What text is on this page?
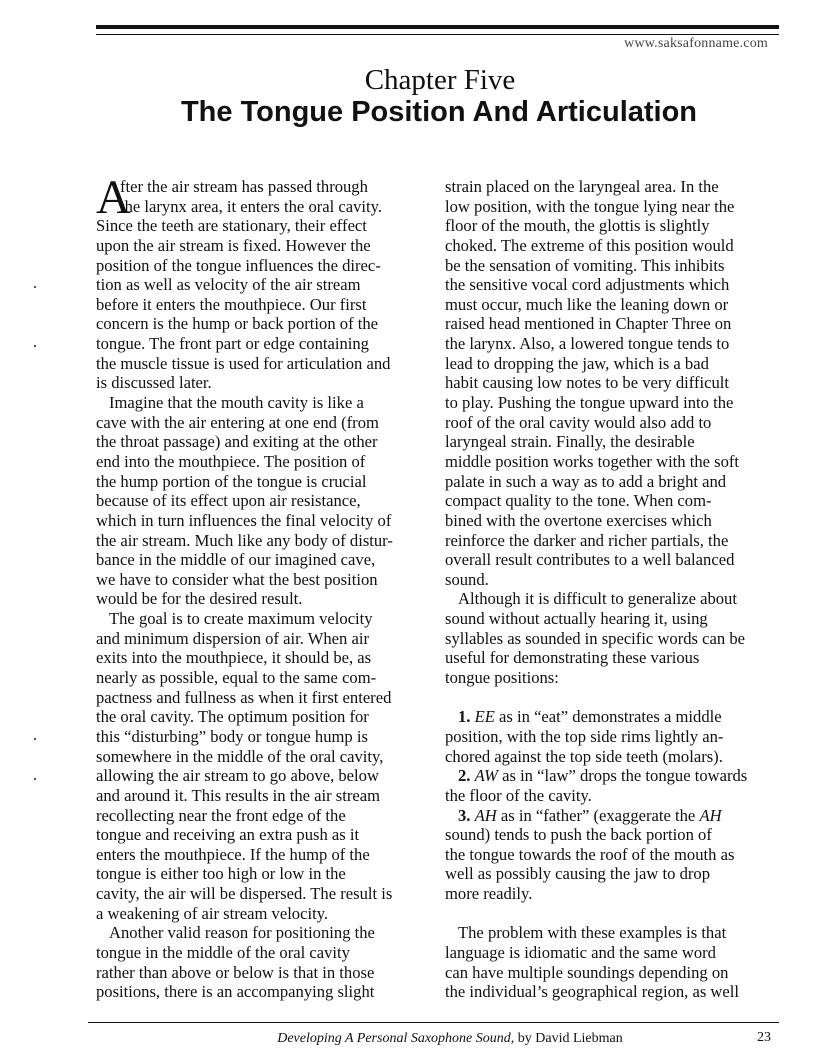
www.saksafonname.com
Chapter Five
The Tongue Position And Articulation
A
fter the air stream has passed through
the larynx area, it enters the oral cavity.
Since the teeth are stationary, their effect
upon the air stream is fixed. However the
position of the tongue influences the direc-
tion as well as velocity of the air stream
before it enters the mouthpiece. Our first
concern is the hump or back portion of the
tongue. The front part or edge containing
the muscle tissue is used for articulation and
is discussed later.
Imagine that the mouth cavity is like a
cave with the air entering at one end (from
the throat passage) and exiting at the other
end into the mouthpiece. The position of
the hump portion of the tongue is crucial
because of its effect upon air resistance,
which in turn influences the final velocity of
the air stream. Much like any body of distur-
bance in the middle of our imagined cave,
we have to consider what the best position
would be for the desired result.
The goal is to create maximum velocity
and minimum dispersion of air. When air
exits into the mouthpiece, it should be, as
nearly as possible, equal to the same com-
pactness and fullness as when it first entered
the oral cavity. The optimum position for
this “disturbing” body or tongue hump is
somewhere in the middle of the oral cavity,
allowing the air stream to go above, below
and around it. This results in the air stream
recollecting near the front edge of the
tongue and receiving an extra push as it
enters the mouthpiece. If the hump of the
tongue is either too high or low in the
cavity, the air will be dispersed. The result is
a weakening of air stream velocity.
Another valid reason for positioning the
tongue in the middle of the oral cavity
rather than above or below is that in those
positions, there is an accompanying slight
strain placed on the laryngeal area. In the
low position, with the tongue lying near the
floor of the mouth, the glottis is slightly
choked. The extreme of this position would
be the sensation of vomiting. This inhibits
the sensitive vocal cord adjustments which
must occur, much like the leaning down or
raised head mentioned in Chapter Three on
the larynx. Also, a lowered tongue tends to
lead to dropping the jaw, which is a bad
habit causing low notes to be very difficult
to play. Pushing the tongue upward into the
roof of the oral cavity would also add to
laryngeal strain. Finally, the desirable
middle position works together with the soft
palate in such a way as to add a bright and
compact quality to the tone. When com-
bined with the overtone exercises which
reinforce the darker and richer partials, the
overall result contributes to a well balanced
sound.
Although it is difficult to generalize about
sound without actually hearing it, using
syllables as sounded in specific words can be
useful for demonstrating these various
tongue positions:
1. EE as in “eat” demonstrates a middle
position, with the top side rims lightly an-
chored against the top side teeth (molars).
2. AW as in “law” drops the tongue towards
the floor of the cavity.
3. AH as in “father” (exaggerate the AH
sound) tends to push the back portion of
the tongue towards the roof of the mouth as
well as possibly causing the jaw to drop
more readily.
The problem with these examples is that
language is idiomatic and the same word
can have multiple soundings depending on
the individual’s geographical region, as well
Developing A Personal Saxophone Sound, by David Liebman	23
